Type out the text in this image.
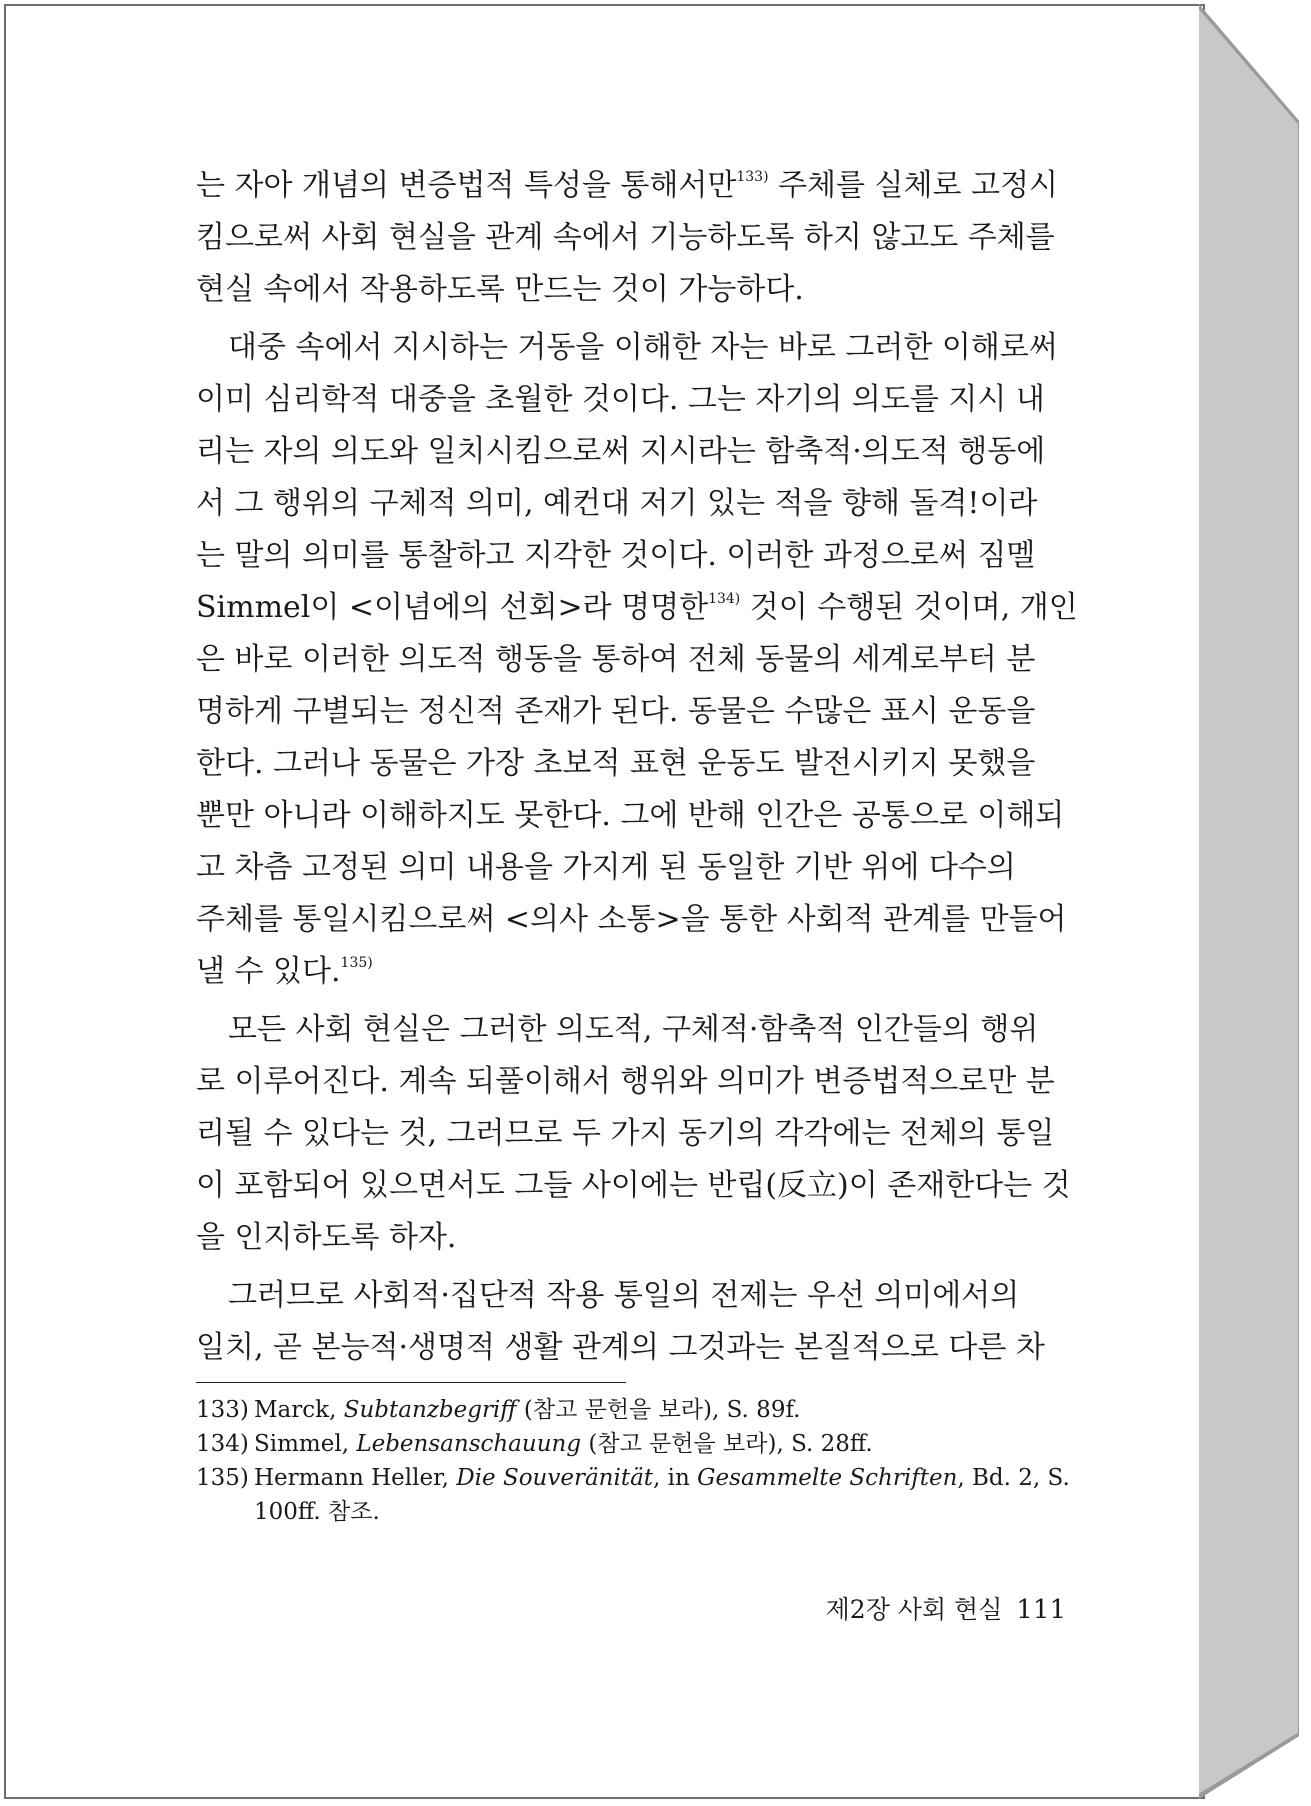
는 자아 개념의 변증법적 특성을 통해서만$^{133)}$ 주체를 실체로 고정시
킴으로써 사회 현실을 관계 속에서 기능하도록 하지 않고도 주체를
현실 속에서 작용하도록 만드는 것이 가능하다.

대중 속에서 지시하는 거동을 이해한 자는 바로 그러한 이해로써
이미 심리학적 대중을 초월한 것이다. 그는 자기의 의도를 지시 내
리는 자의 의도와 일치시킴으로써 지시라는 함축적·의도적 행동에
서 그 행위의 구체적 의미, 예컨대 저기 있는 적을 향해 돌격!이라
는 말의 의미를 통찰하고 지각한 것이다. 이러한 과정으로써 짐멜
Simmel이 <이념에의 선회>라 명명한$^{134)}$ 것이 수행된 것이며, 개인
은 바로 이러한 의도적 행동을 통하여 전체 동물의 세계로부터 분
명하게 구별되는 정신적 존재가 된다. 동물은 수많은 표시 운동을
한다. 그러나 동물은 가장 초보적 표현 운동도 발전시키지 못했을
뿐만 아니라 이해하지도 못한다. 그에 반해 인간은 공통으로 이해되
고 차츰 고정된 의미 내용을 가지게 된 동일한 기반 위에 다수의
주체를 통일시킴으로써 <의사 소통>을 통한 사회적 관계를 만들어
낼 수 있다.$^{135)}$

모든 사회 현실은 그러한 의도적, 구체적·함축적 인간들의 행위
로 이루어진다. 계속 되풀이해서 행위와 의미가 변증법적으로만 분
리될 수 있다는 것, 그러므로 두 가지 동기의 각각에는 전체의 통일
이 포함되어 있으면서도 그들 사이에는 반립(反立)이 존재한다는 것
을 인지하도록 하자.

그러므로 사회적·집단적 작용 통일의 전제는 우선 의미에서의
일치, 곧 본능적·생명적 생활 관계의 그것과는 본질적으로 다른 차

133) Marck, Subtanzbegriff (참고 문헌을 보라), S. 89f.
134) Simmel, Lebensanschauung (참고 문헌을 보라), S. 28ff.
135) Hermann Heller, Die Souveränität, in Gesammelte Schriften, Bd. 2, S.
100ff. 참조.
제2장 사회 현실 111
